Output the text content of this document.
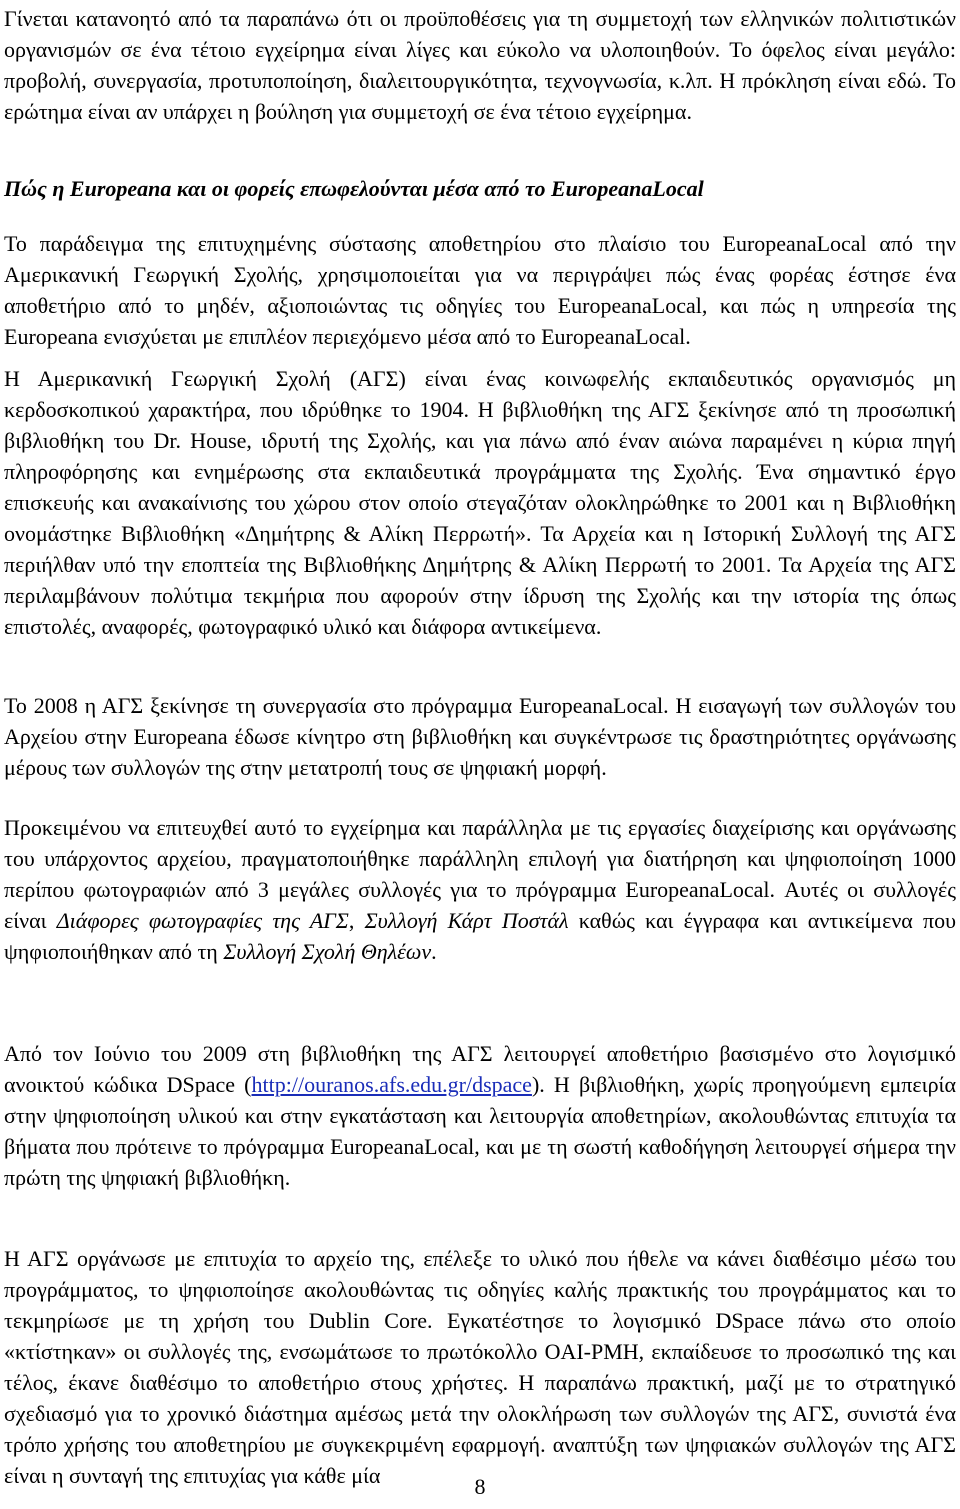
Γίνεται κατανοητό από τα παραπάνω ότι οι προϋποθέσεις για τη συμμετοχή των ελληνικών πολιτιστικών οργανισμών σε ένα τέτοιο εγχείρημα είναι λίγες και εύκολο να υλοποιηθούν. Το όφελος είναι μεγάλο: προβολή, συνεργασία, προτυποποίηση, διαλειτουργικότητα, τεχνογνωσία, κ.λπ. Η πρόκληση είναι εδώ. Το ερώτημα είναι αν υπάρχει η βούληση για συμμετοχή σε ένα τέτοιο εγχείρημα.

Πώς η Europeana και οι φορείς επωφελούνται μέσα από το EuropeanaLocal

Το παράδειγμα της επιτυχημένης σύστασης αποθετηρίου στο πλαίσιο του EuropeanaLocal από την Αμερικανική Γεωργική Σχολής, χρησιμοποιείται για να περιγράψει πώς ένας φορέας έστησε ένα αποθετήριο από το μηδέν, αξιοποιώντας τις οδηγίες του EuropeanaLocal, και πώς η υπηρεσία της Europeana ενισχύεται με επιπλέον περιεχόμενο μέσα από το EuropeanaLocal.

Η Αμερικανική Γεωργική Σχολή (ΑΓΣ) είναι ένας κοινωφελής εκπαιδευτικός οργανισμός μη κερδοσκοπικού χαρακτήρα, που ιδρύθηκε το 1904. Η βιβλιοθήκη της ΑΓΣ ξεκίνησε από τη προσωπική βιβλιοθήκη του Dr. House, ιδρυτή της Σχολής, και για πάνω από έναν αιώνα παραμένει η κύρια πηγή πληροφόρησης και ενημέρωσης στα εκπαιδευτικά προγράμματα της Σχολής. Ένα σημαντικό έργο επισκευής και ανακαίνισης του χώρου στον οποίο στεγαζόταν ολοκληρώθηκε το 2001 και η Βιβλιοθήκη ονομάστηκε Βιβλιοθήκη «Δημήτρης & Αλίκη Περρωτή». Τα Αρχεία και η Ιστορική Συλλογή της ΑΓΣ περιήλθαν υπό την εποπτεία της Βιβλιοθήκης Δημήτρης & Αλίκη Περρωτή το 2001. Τα Αρχεία της ΑΓΣ περιλαμβάνουν πολύτιμα τεκμήρια που αφορούν στην ίδρυση της Σχολής και την ιστορία της όπως επιστολές, αναφορές, φωτογραφικό υλικό και διάφορα αντικείμενα.

Το 2008 η ΑΓΣ ξεκίνησε τη συνεργασία στο πρόγραμμα EuropeanaLocal. Η εισαγωγή των συλλογών του Αρχείου στην Europeana έδωσε κίνητρο στη βιβλιοθήκη και συγκέντρωσε τις δραστηριότητες οργάνωσης μέρους των συλλογών της στην μετατροπή τους σε ψηφιακή μορφή.

Προκειμένου να επιτευχθεί αυτό το εγχείρημα και παράλληλα με τις εργασίες διαχείρισης και οργάνωσης του υπάρχοντος αρχείου, πραγματοποιήθηκε παράλληλη επιλογή για διατήρηση και ψηφιοποίηση 1000 περίπου φωτογραφιών από 3 μεγάλες συλλογές για το πρόγραμμα EuropeanaLocal. Αυτές οι συλλογές είναι Διάφορες φωτογραφίες της ΑΓΣ, Συλλογή Κάρτ Ποστάλ καθώς και έγγραφα και αντικείμενα που ψηφιοποιήθηκαν από τη Συλλογή Σχολή Θηλέων.

Από τον Ιούνιο του 2009 στη βιβλιοθήκη της ΑΓΣ λειτουργεί αποθετήριο βασισμένο στο λογισμικό ανοικτού κώδικα DSpace (http://ouranos.afs.edu.gr/dspace). Η βιβλιοθήκη, χωρίς προηγούμενη εμπειρία στην ψηφιοποίηση υλικού και στην εγκατάσταση και λειτουργία αποθετηρίων, ακολουθώντας επιτυχία τα βήματα που πρότεινε το πρόγραμμα EuropeanaLocal, και με τη σωστή καθοδήγηση λειτουργεί σήμερα την πρώτη της ψηφιακή βιβλιοθήκη.

Η ΑΓΣ οργάνωσε με επιτυχία το αρχείο της, επέλεξε το υλικό που ήθελε να κάνει διαθέσιμο μέσω του προγράμματος, το ψηφιοποίησε ακολουθώντας τις οδηγίες καλής πρακτικής του προγράμματος και το τεκμηρίωσε με τη χρήση του Dublin Core. Εγκατέστησε το λογισμικό DSpace πάνω στο οποίο «κτίστηκαν» οι συλλογές της, ενσωμάτωσε το πρωτόκολλο OAI-PMH, εκπαίδευσε το προσωπικό της και τέλος, έκανε διαθέσιμο το αποθετήριο στους χρήστες. Η παραπάνω πρακτική, μαζί με το στρατηγικό σχεδιασμό για το χρονικό διάστημα αμέσως μετά την ολοκλήρωση των συλλογών της ΑΓΣ, συνιστά ένα τρόπο χρήσης του αποθετηρίου με συγκεκριμένη εφαρμογή. αναπτύξη των ψηφιακών συλλογών της ΑΓΣ είναι η συνταγή της επιτυχίας για κάθε μία	8
